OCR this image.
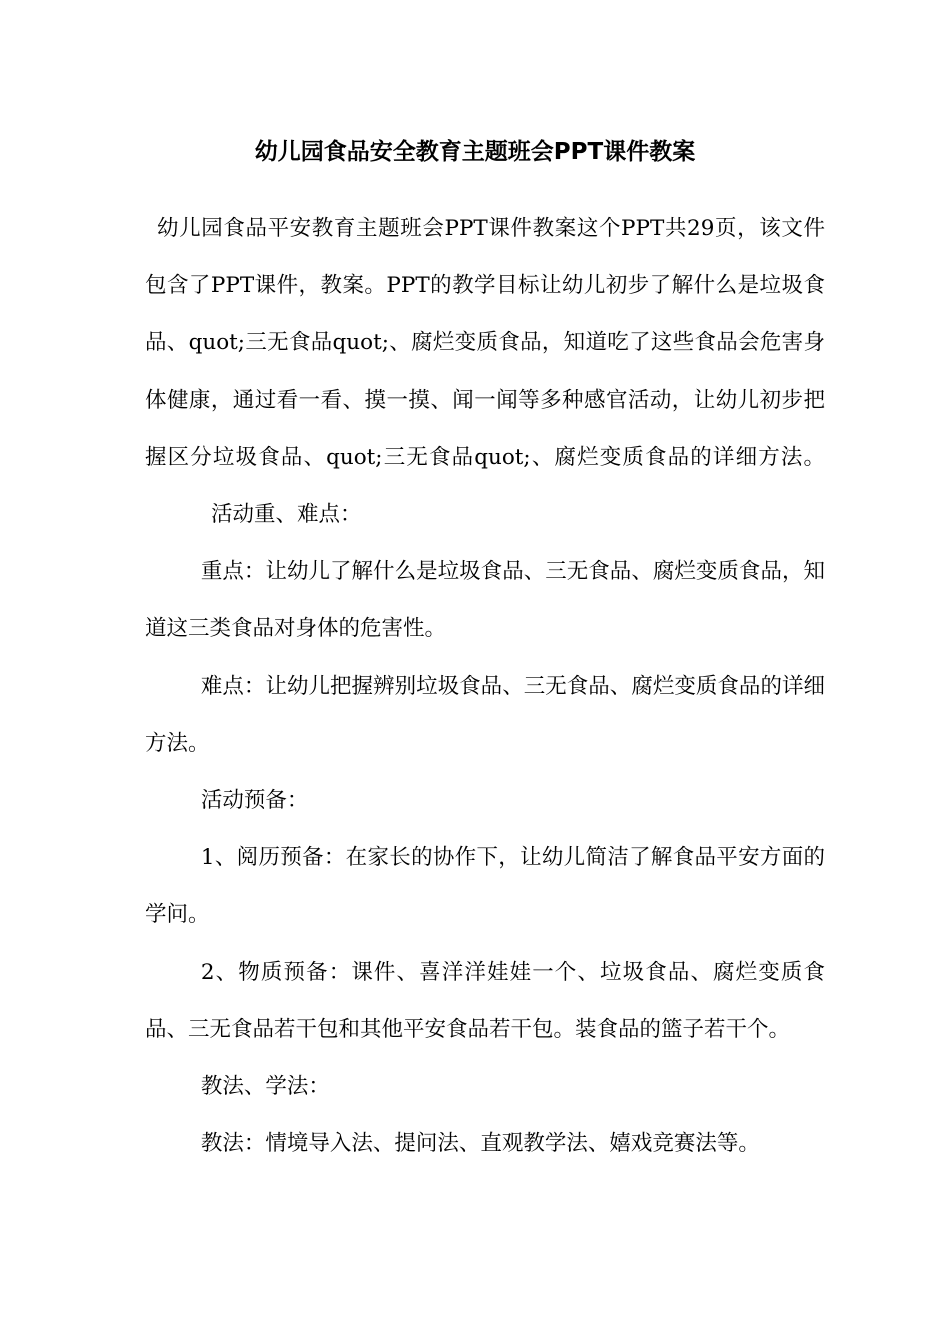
幼儿园食品安全教育主题班会PPT课件教案

幼儿园食品平安教育主题班会PPT课件教案这个PPT共29页，该文件包含了PPT课件，教案。PPT的教学目标让幼儿初步了解什么是垃圾食品、quot;三无食品quot;、腐烂变质食品，知道吃了这些食品会危害身体健康，通过看一看、摸一摸、闻一闻等多种感官活动，让幼儿初步把握区分垃圾食品、quot;三无食品quot;、腐烂变质食品的详细方法。活动重、难点：

重点：让幼儿了解什么是垃圾食品、三无食品、腐烂变质食品，知道这三类食品对身体的危害性。

难点：让幼儿把握辨别垃圾食品、三无食品、腐烂变质食品的详细方法。

活动预备：

1、阅历预备：在家长的协作下，让幼儿简洁了解食品平安方面的学问。

2、物质预备：课件、喜洋洋娃娃一个、垃圾食品、腐烂变质食品、三无食品若干包和其他平安食品若干包。装食品的篮子若干个。

教法、学法：

教法：情境导入法、提问法、直观教学法、嬉戏竞赛法等。
